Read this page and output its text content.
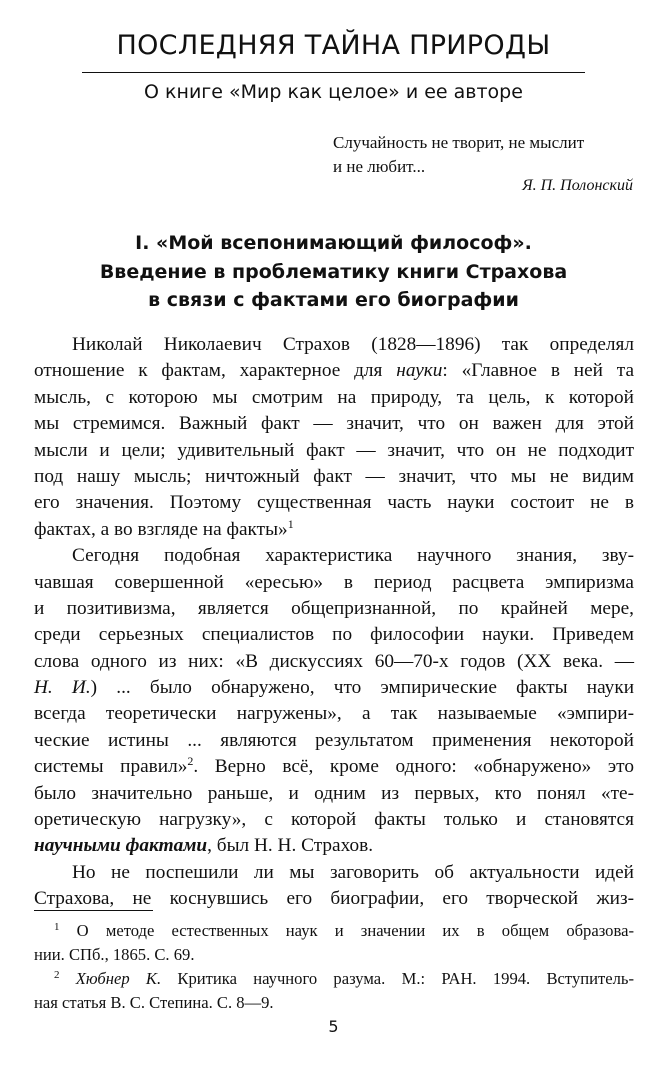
ПОСЛЕДНЯЯ ТАЙНА ПРИРОДЫ
О книге «Мир как целое» и ее авторе
Случайность не творит, не мыслит
и не любит...
Я. П. Полонский
I. «Мой всепонимающий философ».
Введение в проблематику книги Страхова
в связи с фактами его биографии
Николай Николаевич Страхов (1828—1896) так определял
отношение к фактам, характерное для науки: «Главное в ней та
мысль, с которою мы смотрим на природу, та цель, к которой
мы стремимся. Важный факт — значит, что он важен для этой
мысли и цели; удивительный факт — значит, что он не подходит
под нашу мысль; ничтожный факт — значит, что мы не видим
его значения. Поэтому существенная часть науки состоит не в
фактах, а во взгляде на факты»$^1$
Сегодня подобная характеристика научного знания, зву-
чавшая совершенной «ересью» в период расцвета эмпиризма
и позитивизма, является общепризнанной, по крайней мере,
среди серьезных специалистов по философии науки. Приведем
слова одного из них: «В дискуссиях 60—70-х годов (XX века. —
Н. И.) ... было обнаружено, что эмпирические факты науки
всегда теоретически нагружены», а так называемые «эмпири-
ческие истины ... являются результатом применения некоторой
системы правил»$^2$. Верно всё, кроме одного: «обнаружено» это
было значительно раньше, и одним из первых, кто понял «те-
оретическую нагрузку», с которой факты только и становятся
научными фактами, был Н. Н. Страхов.
Но не поспешили ли мы заговорить об актуальности идей
Страхова, не коснувшись его биографии, его творческой жиз-
$^1$ О методе естественных наук и значении их в общем образова-
нии. СПб., 1865. С. 69.
$^2$ Хюбнер К. Критика научного разума. М.: РАН. 1994. Вступитель-
ная статья В. С. Степина. С. 8—9.
5
